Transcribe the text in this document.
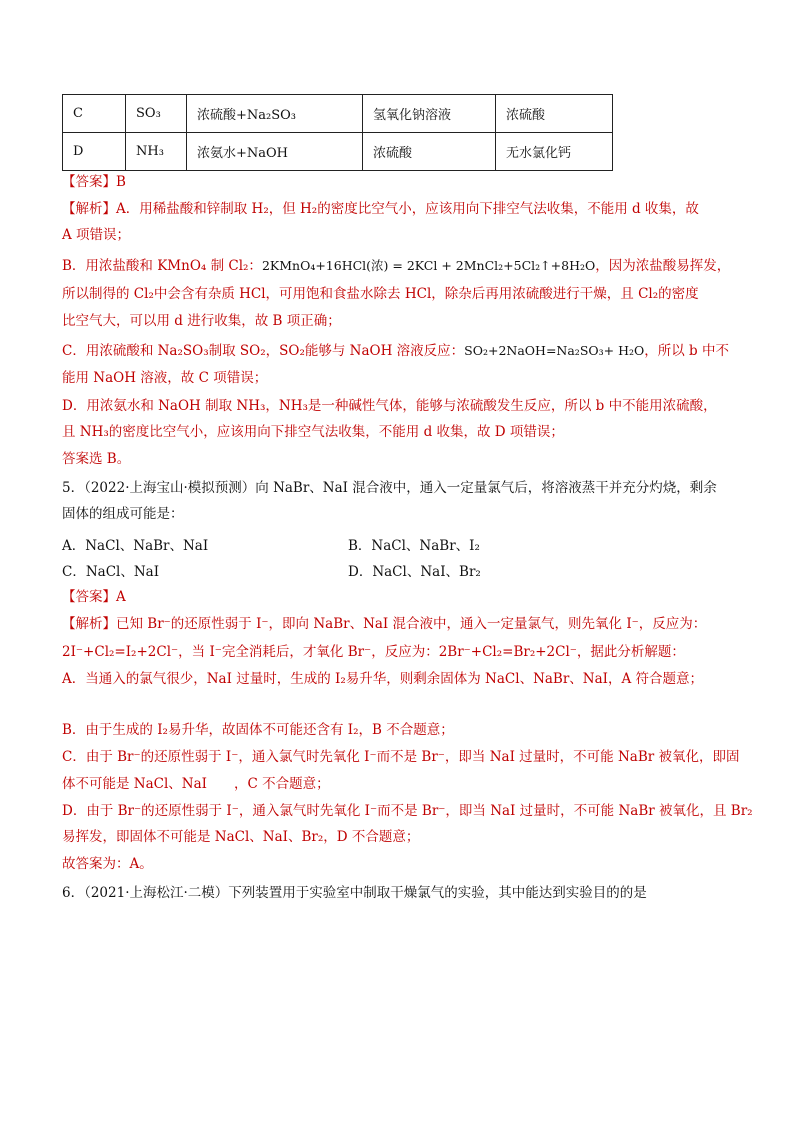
C	SO₃	浓硫酸+Na₂SO₃	氢氧化钠溶液	浓硫酸
D	NH₃	浓氨水+NaOH	浓硫酸	无水氯化钙
【答案】B
【解析】A．用稀盐酸和锌制取 H₂，但 H₂的密度比空气小，应该用向下排空气法收集，不能用 d 收集，故
A 项错误；
B．用浓盐酸和 KMnO₄ 制 Cl₂：2KMnO₄+16HCl(浓) = 2KCl + 2MnCl₂+5Cl₂↑+8H₂O，因为浓盐酸易挥发，
所以制得的 Cl₂中会含有杂质 HCl，可用饱和食盐水除去 HCl，除杂后再用浓硫酸进行干燥，且 Cl₂的密度
比空气大，可以用 d 进行收集，故 B 项正确；
C．用浓硫酸和 Na₂SO₃制取 SO₂，SO₂能够与 NaOH 溶液反应：SO₂+2NaOH=Na₂SO₃+ H₂O，所以 b 中不
能用 NaOH 溶液，故 C 项错误；
D．用浓氨水和 NaOH 制取 NH₃，NH₃是一种碱性气体，能够与浓硫酸发生反应，所以 b 中不能用浓硫酸，
且 NH₃的密度比空气小，应该用向下排空气法收集，不能用 d 收集，故 D 项错误；
答案选 B。
5．（2022·上海宝山·模拟预测）向 NaBr、NaI 混合液中，通入一定量氯气后，将溶液蒸干并充分灼烧，剩余
固体的组成可能是：
A．NaCl、NaBr、NaI	B．NaCl、NaBr、I₂
C．NaCl、NaI	D．NaCl、NaI、Br₂
【答案】A
【解析】已知 Br⁻的还原性弱于 I⁻，即向 NaBr、NaI 混合液中，通入一定量氯气，则先氧化 I⁻，反应为：
2I⁻+Cl₂=I₂+2Cl⁻，当 I⁻完全消耗后，才氧化 Br⁻，反应为：2Br⁻+Cl₂=Br₂+2Cl⁻，据此分析解题：
A．当通入的氯气很少，NaI 过量时，生成的 I₂易升华，则剩余固体为 NaCl、NaBr、NaI，A 符合题意；
B．由于生成的 I₂易升华，故固体不可能还含有 I₂，B 不合题意；
C．由于 Br⁻的还原性弱于 I⁻，通入氯气时先氧化 I⁻而不是 Br⁻，即当 NaI 过量时，不可能 NaBr 被氧化，即固
体不可能是 NaCl、NaI　　，C 不合题意；
D．由于 Br⁻的还原性弱于 I⁻，通入氯气时先氧化 I⁻而不是 Br⁻，即当 NaI 过量时，不可能 NaBr 被氧化，且 Br₂
易挥发，即固体不可能是 NaCl、NaI、Br₂，D 不合题意；
故答案为：A。
6．（2021·上海松江·二模）下列装置用于实验室中制取干燥氯气的实验，其中能达到实验目的的是
